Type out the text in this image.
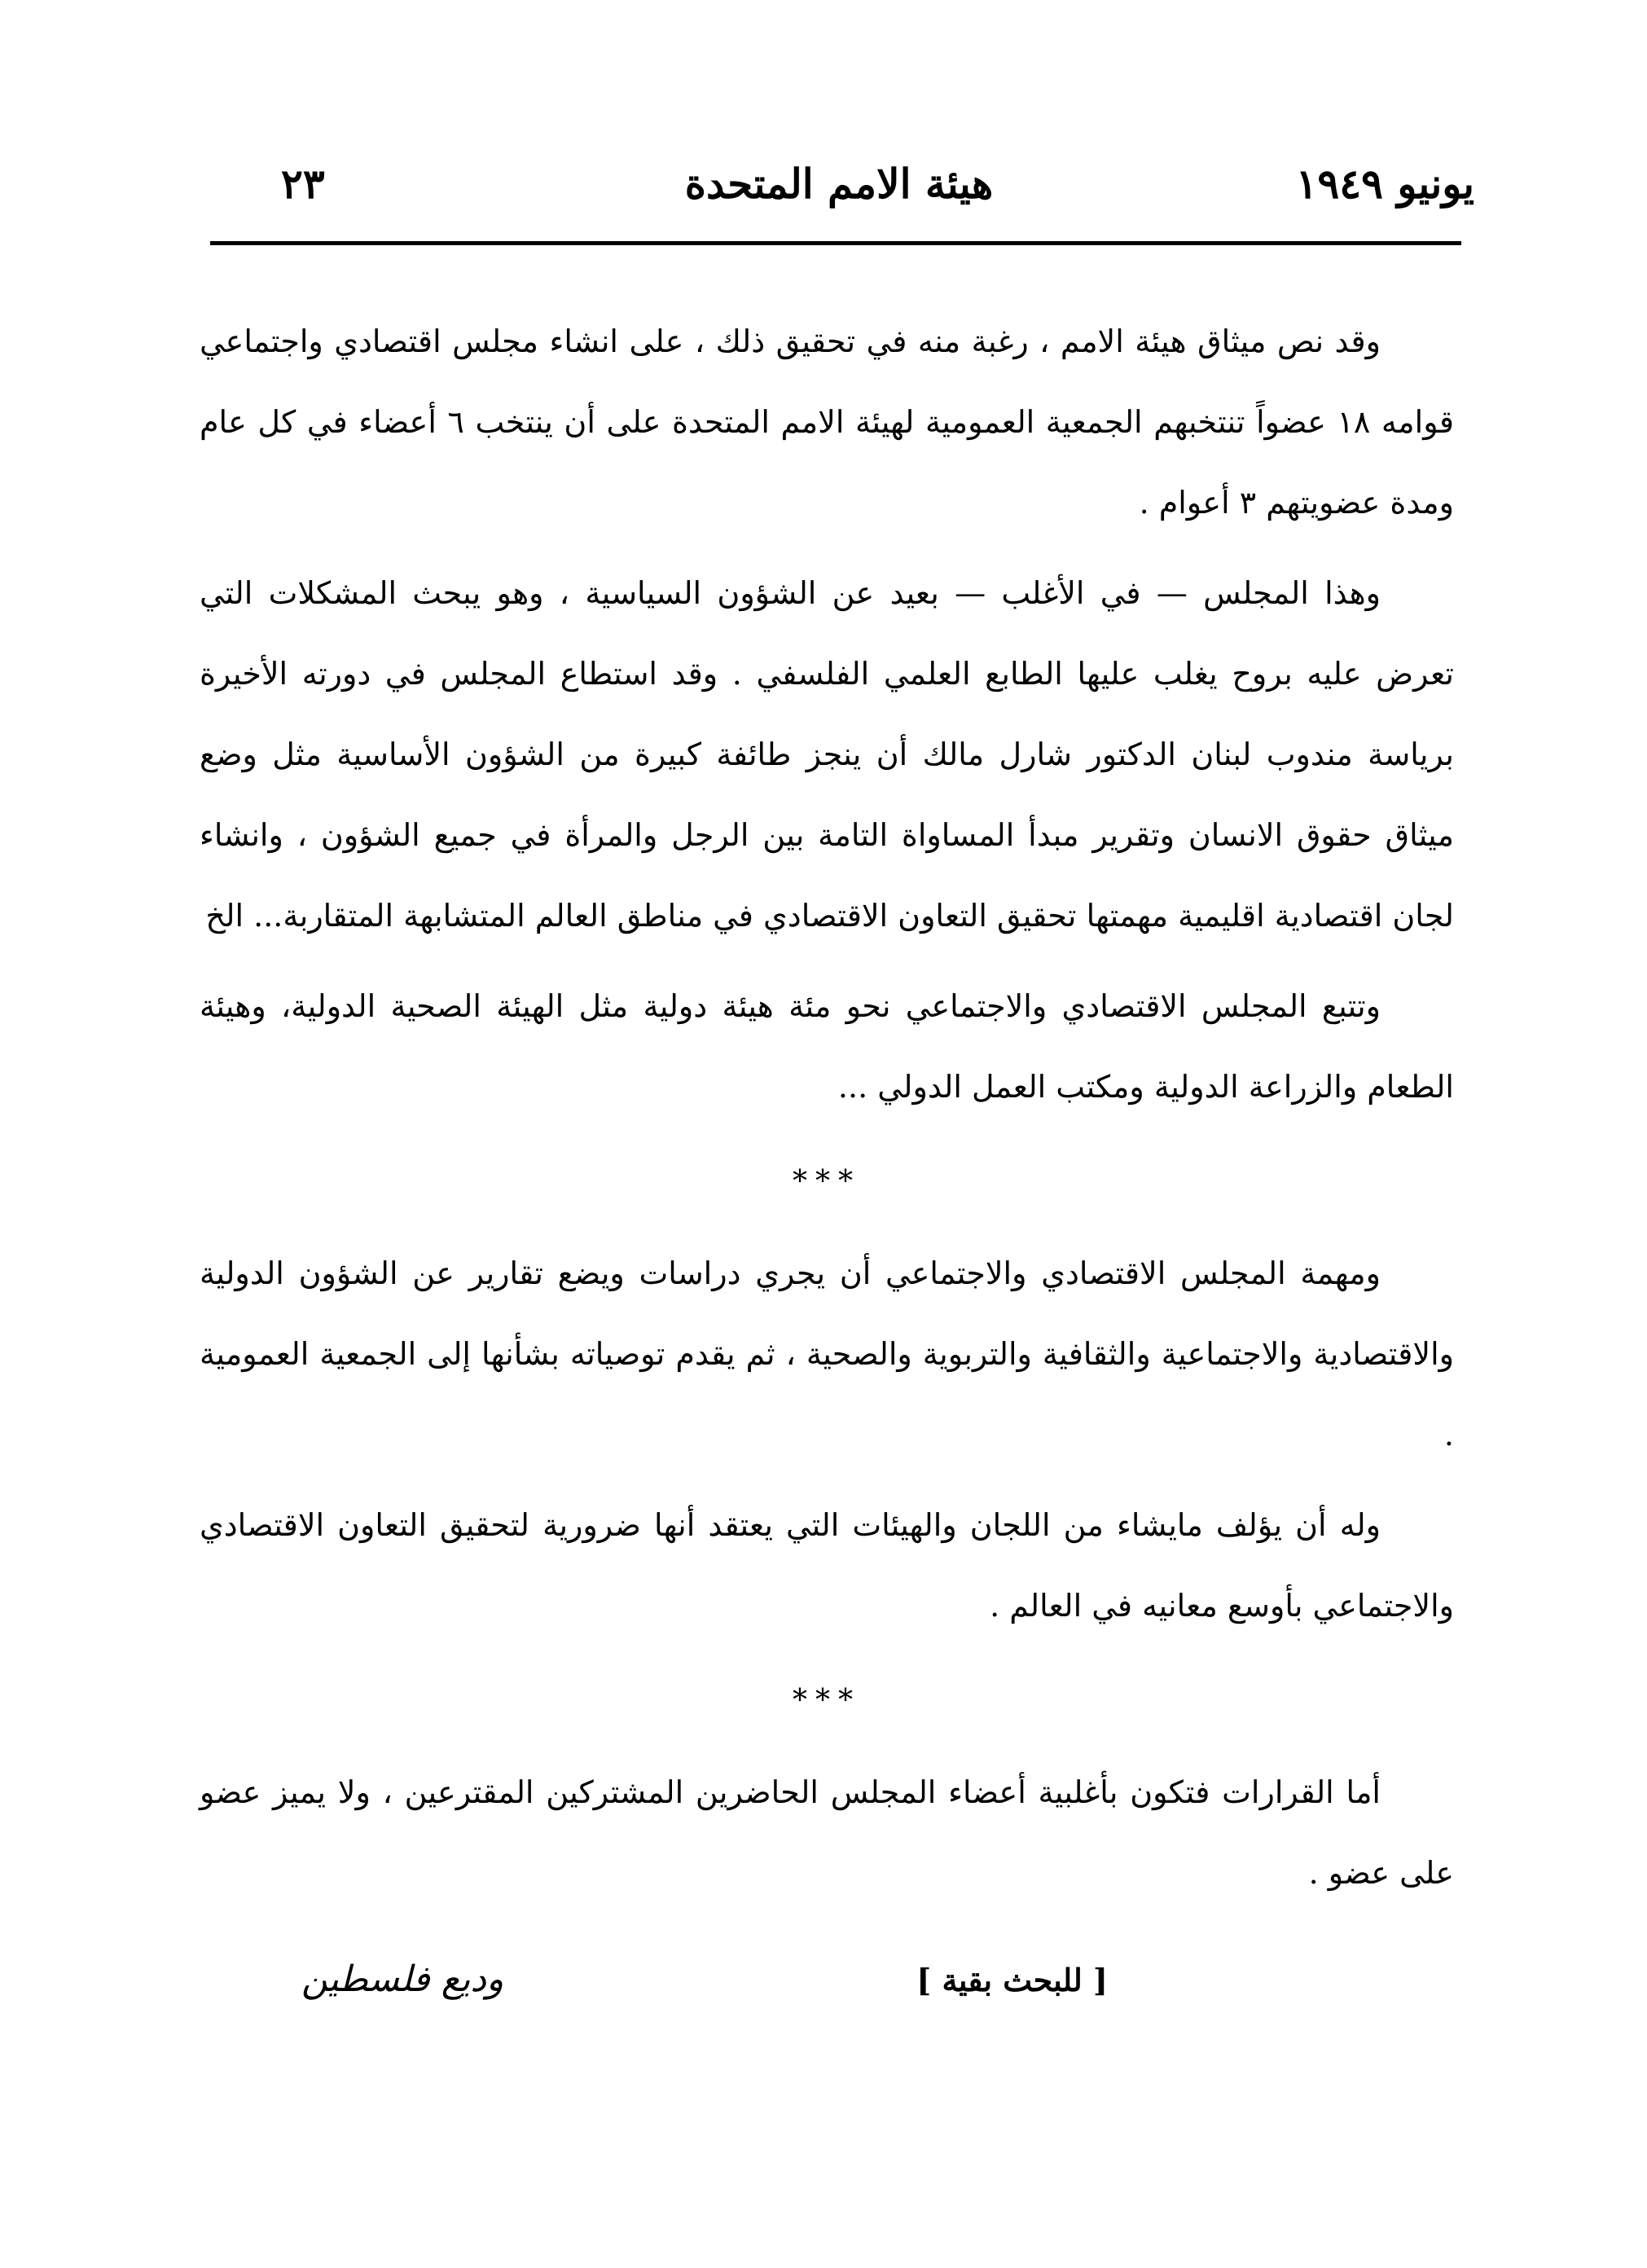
يونيو ١٩٤٩
هيئة الامم المتحدة
٢٣

وقد نص ميثاق هيئة الامم ، رغبة منه في تحقيق ذلك ، على انشاء مجلس اقتصادي واجتماعي قوامه ١٨ عضواً تنتخبهم الجمعية العمومية لهيئة الامم المتحدة على أن ينتخب ٦ أعضاء في كل عام ومدة عضويتهم ٣ أعوام .

وهذا المجلس — في الأغلب — بعيد عن الشؤون السياسية ، وهو يبحث المشكلات التي تعرض عليه بروح يغلب عليها الطابع العلمي الفلسفي . وقد استطاع المجلس في دورته الأخيرة برياسة مندوب لبنان الدكتور شارل مالك أن ينجز طائفة كبيرة من الشؤون الأساسية مثل وضع ميثاق حقوق الانسان وتقرير مبدأ المساواة التامة بين الرجل والمرأة في جميع الشؤون ، وانشاء لجان اقتصادية اقليمية مهمتها تحقيق التعاون الاقتصادي في مناطق العالم المتشابهة المتقاربة... الخ

وتتبع المجلس الاقتصادي والاجتماعي نحو مئة هيئة دولية مثل الهيئة الصحية الدولية، وهيئة الطعام والزراعة الدولية ومكتب العمل الدولي ...

***

ومهمة المجلس الاقتصادي والاجتماعي أن يجري دراسات ويضع تقارير عن الشؤون الدولية والاقتصادية والاجتماعية والثقافية والتربوية والصحية ، ثم يقدم توصياته بشأنها إلى الجمعية العمومية .

وله أن يؤلف مايشاء من اللجان والهيئات التي يعتقد أنها ضرورية لتحقيق التعاون الاقتصادي والاجتماعي بأوسع معانيه في العالم .

***

أما القرارات فتكون بأغلبية أعضاء المجلس الحاضرين المشتركين المقترعين ، ولا يميز عضو على عضو .

[ للبحث بقية ]
وديع فلسطين
